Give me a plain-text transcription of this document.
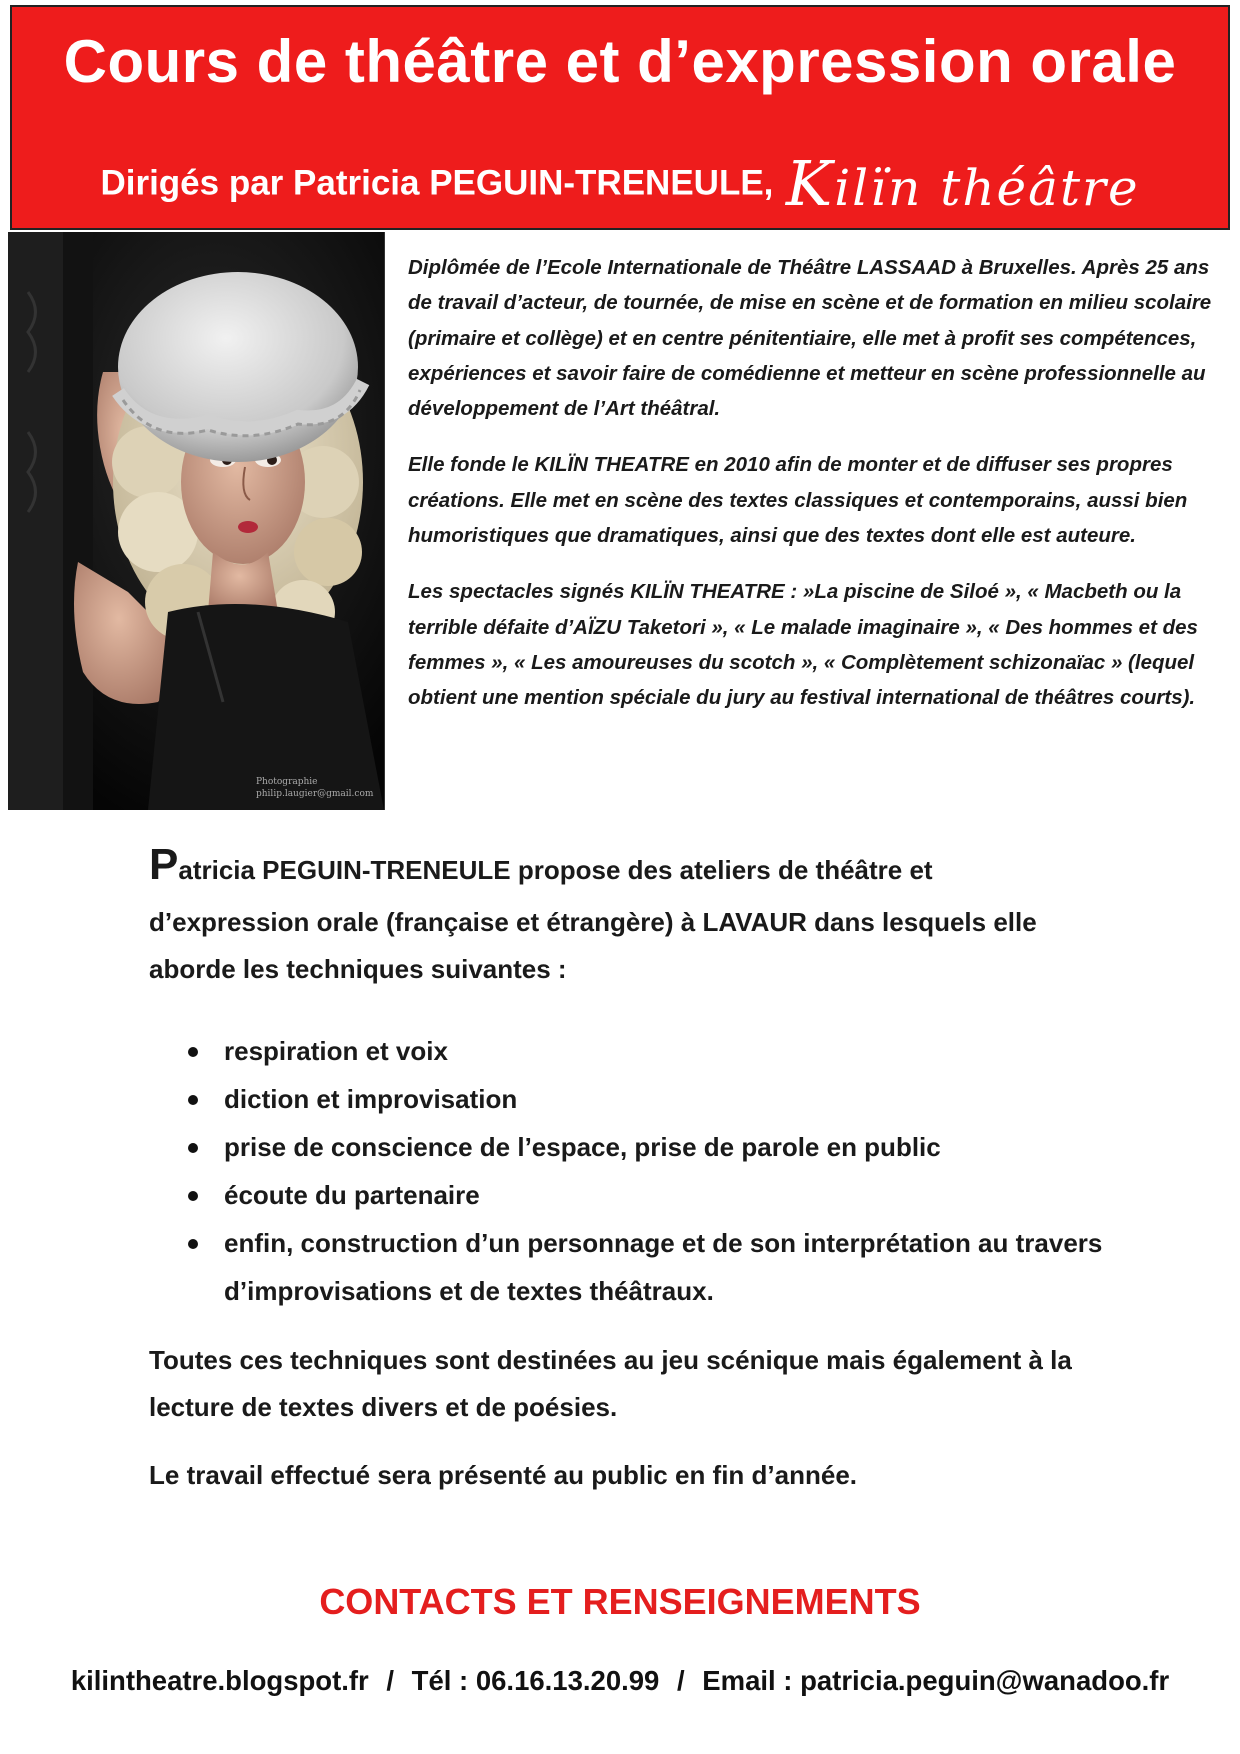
Cours de théâtre et d’expression orale
Dirigés par Patricia PEGUIN-TRENEULE, Kilïn théâtre
Photographie
philip.laugier@gmail.com

Diplômée de l’Ecole Internationale de Théâtre LASSAAD à Bruxelles. Après 25 ans de travail d’acteur, de tournée, de mise en scène et de formation en milieu scolaire (primaire et collège) et en centre pénitentiaire, elle met à profit ses compétences, expériences et savoir faire de comédienne et metteur en scène professionnelle au développement de l’Art théâtral.

Elle fonde le KILÏN THEATRE en 2010 afin de monter et de diffuser ses propres créations. Elle met en scène des textes classiques et contemporains, aussi bien humoristiques que dramatiques, ainsi que des textes dont elle est auteure.

Les spectacles signés KILÏN THEATRE : »La piscine de Siloé », « Macbeth ou la terrible défaite d’AÏZU Taketori », « Le malade imaginaire », « Des hommes et des femmes », « Les amoureuses du scotch », « Complètement schizonaïac » (lequel obtient une mention spéciale du jury au festival international de théâtres courts).

Patricia PEGUIN-TRENEULE propose des ateliers de théâtre et
d’expression orale (française et étrangère) à LAVAUR dans lesquels elle aborde les techniques suivantes :
respiration et voix
diction et improvisation
prise de conscience de l’espace, prise de parole en public
écoute du partenaire
enfin, construction d’un personnage et de son interprétation au travers d’improvisations et de textes théâtraux.
Toutes ces techniques sont destinées au jeu scénique mais également à la lecture de textes divers et de poésies.
Le travail effectué sera présenté au public en fin d’année.
CONTACTS ET RENSEIGNEMENTS
kilintheatre.blogspot.fr / Tél : 06.16.13.20.99 / Email : patricia.peguin@wanadoo.fr
